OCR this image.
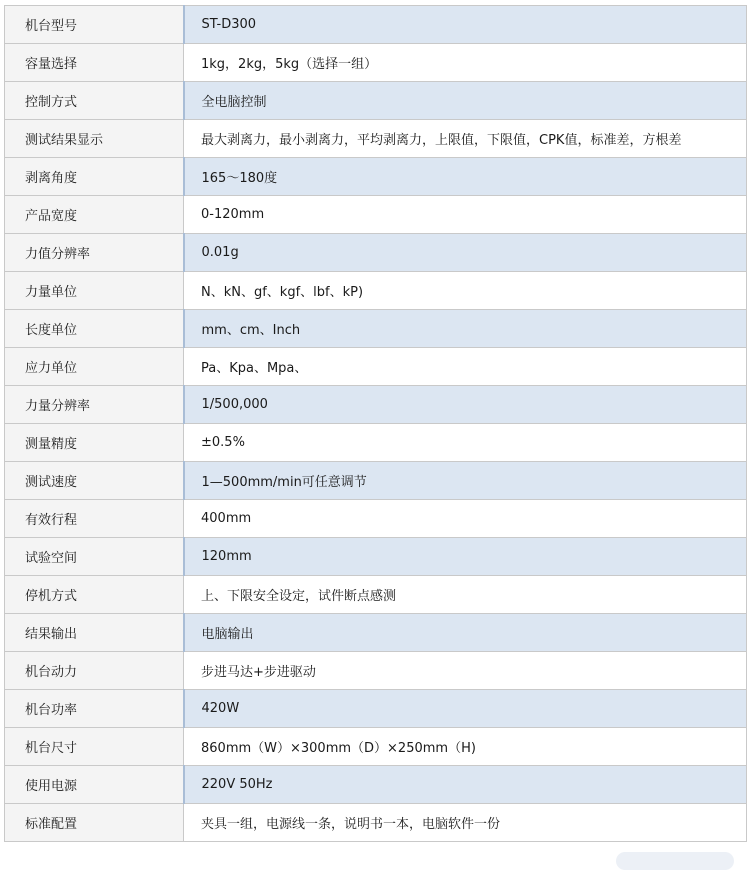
机台型号	ST-D300
容量选择	1kg，2kg，5kg（选择一组）
控制方式	全电脑控制
测试结果显示	最大剥离力，最小剥离力，平均剥离力，上限值，下限值，CPK值，标准差，方根差
剥离角度	165～180度
产品宽度	0-120mm
力值分辨率	0.01g
力量单位	N、kN、gf、kgf、lbf、kP)
长度单位	mm、cm、Inch
应力单位	Pa、Kpa、Mpa、
力量分辨率	1/500,000
测量精度	±0.5%
测试速度	1—500mm/min可任意调节
有效行程	400mm
试验空间	120mm
停机方式	上、下限安全设定，试件断点感测
结果输出	电脑输出
机台动力	步进马达+步进驱动
机台功率	420W
机台尺寸	860mm（W）×300mm（D）×250mm（H)
使用电源	220V 50Hz
标准配置	夹具一组，电源线一条，说明书一本，电脑软件一份
